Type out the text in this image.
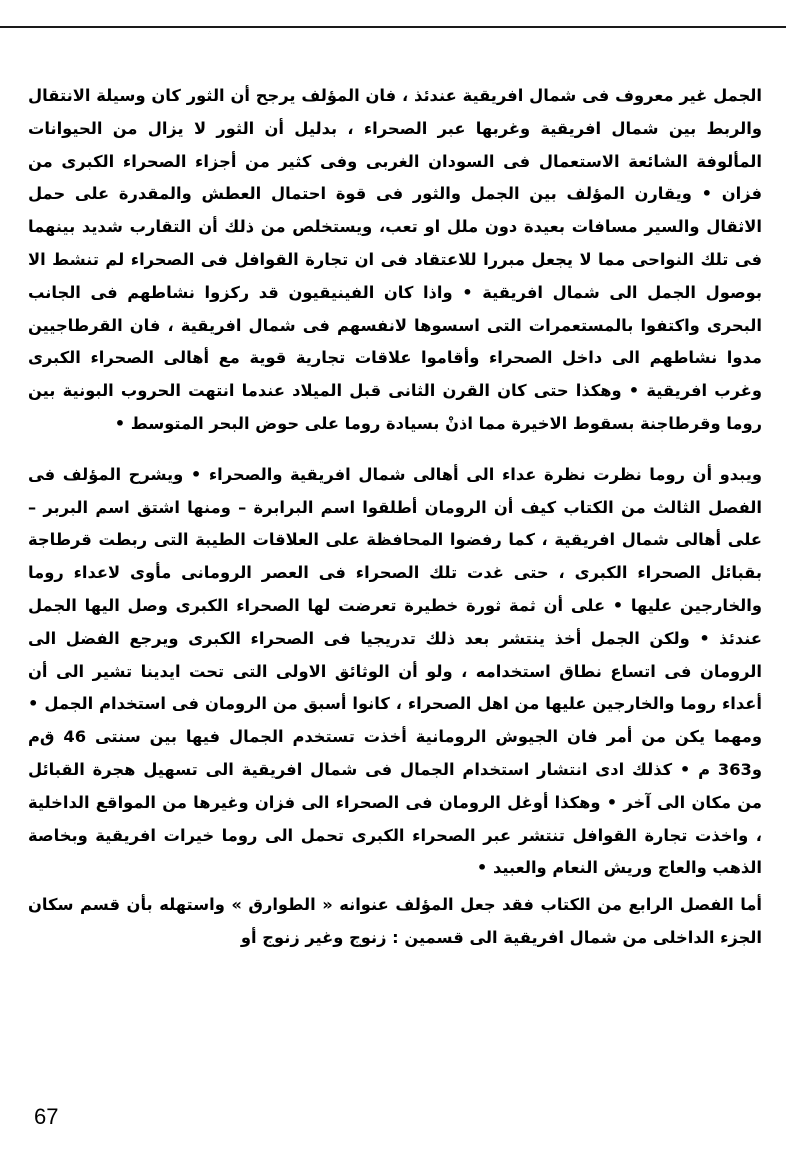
الجمل غير معروف فى شمال افريقية عندئذ ، فان المؤلف يرجح أن الثور كان وسيلة الانتقال والربط بين شمال افريقية وغربها عبر الصحراء ، بدليل أن الثور لا يزال من الحيوانات المألوفة الشائعة الاستعمال فى السودان الغربى وفى كثير من أجزاء الصحراء الكبرى من فزان • ويقارن المؤلف بين الجمل والثور فى قوة احتمال العطش والمقدرة على حمل الاثقال والسير مسافات بعيدة دون ملل او تعب، ويستخلص من ذلك أن التقارب شديد بينهما فى تلك النواحى مما لا يجعل مبررا للاعتقاد فى ان تجارة القوافل فى الصحراء لم تنشط الا بوصول الجمل الى شمال افريقية • واذا كان الفينيقيون قد ركزوا نشاطهم فى الجانب البحرى واكتفوا بالمستعمرات التى اسسوها لانفسهم فى شمال افريقية ، فان القرطاجيين مدوا نشاطهم الى داخل الصحراء وأقاموا علاقات تجارية قوية مع أهالى الصحراء الكبرى وغرب افريقية • وهكذا حتى كان القرن الثانى قبل الميلاد عندما انتهت الحروب البونية بين روما وقرطاجنة بسقوط الاخيرة مما اذنْ بسيادة روما على حوض البحر المتوسط •

ويبدو أن روما نظرت نظرة عداء الى أهالى شمال افريقية والصحراء • ويشرح المؤلف فى الفصل الثالث من الكتاب كيف أن الرومان أطلقوا اسم البرابرة – ومنها اشتق اسم البربر – على أهالى شمال افريقية ، كما رفضوا المحافظة على العلاقات الطيبة التى ربطت قرطاجة بقبائل الصحراء الكبرى ، حتى غدت تلك الصحراء فى العصر الرومانى مأوى لاعداء روما والخارجين عليها • على أن ثمة ثورة خطيرة تعرضت لها الصحراء الكبرى وصل اليها الجمل عندئذ • ولكن الجمل أخذ ينتشر بعد ذلك تدريجيا فى الصحراء الكبرى ويرجع الفضل الى الرومان فى اتساع نطاق استخدامه ، ولو أن الوثائق الاولى التى تحت ايدينا تشير الى أن أعداء روما والخارجين عليها من اهل الصحراء ، كانوا أسبق من الرومان فى استخدام الجمل • ومهما يكن من أمر فان الجيوش الرومانية أخذت تستخدم الجمال فيها بين سنتى 46 ق‌م و363 م • كذلك ادى انتشار استخدام الجمال فى شمال افريقية الى تسهيل هجرة القبائل من مكان الى آخر • وهكذا أوغل الرومان فى الصحراء الى فزان وغيرها من المواقع الداخلية ، واخذت تجارة القوافل تنتشر عبر الصحراء الكبرى تحمل الى روما خيرات افريقية وبخاصة الذهب والعاج وريش النعام والعبيد •

أما الفصل الرابع من الكتاب فقد جعل المؤلف عنوانه « الطوارق » واستهله بأن قسم سكان الجزء الداخلى من شمال افريقية الى قسمين : زنوج وغير زنوج أو

67
